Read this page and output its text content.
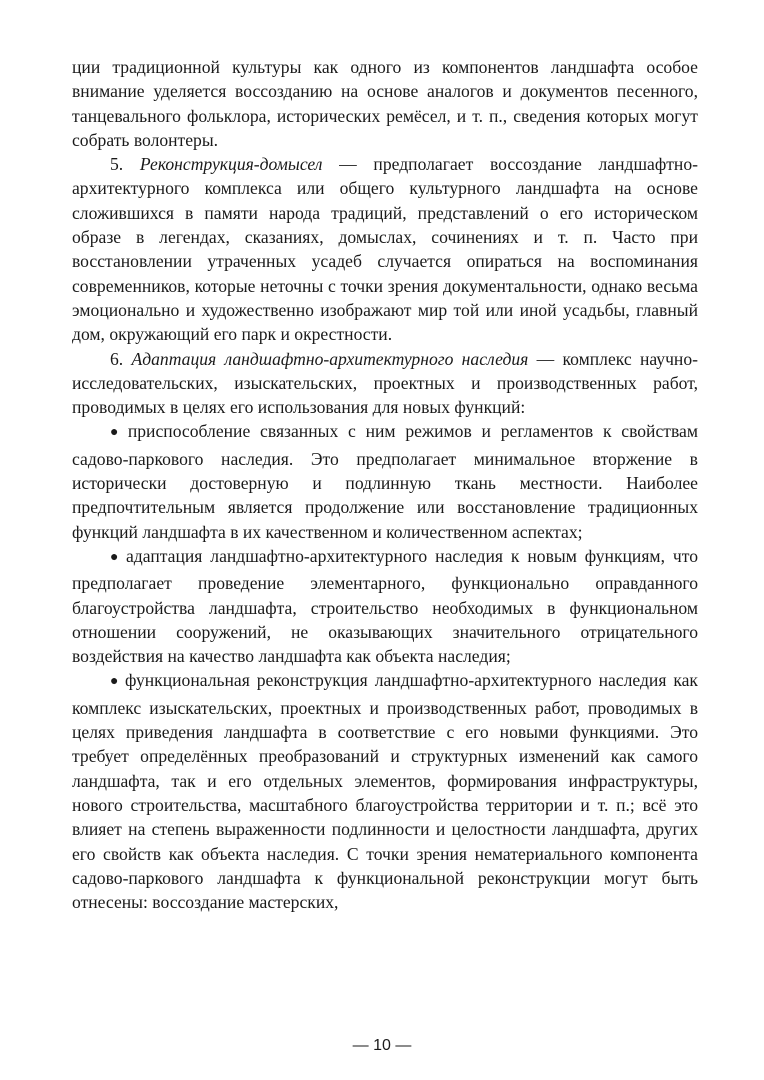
ции традиционной культуры как одного из компонентов ландшафта особое внимание уделяется воссозданию на основе аналогов и документов песенного, танцевального фольклора, исторических ремёсел, и т. п., сведения которых могут собрать волонтеры.

5. Реконструкция-домысел — предполагает воссоздание ландшафтно-архитектурного комплекса или общего культурного ландшафта на основе сложившихся в памяти народа традиций, представлений о его историческом образе в легендах, сказаниях, домыслах, сочинениях и т. п. Часто при восстановлении утраченных усадеб случается опираться на воспоминания современников, которые неточны с точки зрения документальности, однако весьма эмоционально и художественно изображают мир той или иной усадьбы, главный дом, окружающий его парк и окрестности.

6. Адаптация ландшафтно-архитектурного наследия — комплекс научно-исследовательских, изыскательских, проектных и производственных работ, проводимых в целях его использования для новых функций:

● приспособление связанных с ним режимов и регламентов к свойствам садово-паркового наследия. Это предполагает минимальное вторжение в исторически достоверную и подлинную ткань местности. Наиболее предпочтительным является продолжение или восстановление традиционных функций ландшафта в их качественном и количественном аспектах;

● адаптация ландшафтно-архитектурного наследия к новым функциям, что предполагает проведение элементарного, функционально оправданного благоустройства ландшафта, строительство необходимых в функциональном отношении сооружений, не оказывающих значительного отрицательного воздействия на качество ландшафта как объекта наследия;

● функциональная реконструкция ландшафтно-архитектурного наследия как комплекс изыскательских, проектных и производственных работ, проводимых в целях приведения ландшафта в соответствие с его новыми функциями. Это требует определённых преобразований и структурных изменений как самого ландшафта, так и его отдельных элементов, формирования инфраструктуры, нового строительства, масштабного благоустройства территории и т. п.; всё это влияет на степень выраженности подлинности и целостности ландшафта, других его свойств как объекта наследия. С точки зрения нематериального компонента садово-паркового ландшафта к функциональной реконструкции могут быть отнесены: воссоздание мастерских,

— 10 —
